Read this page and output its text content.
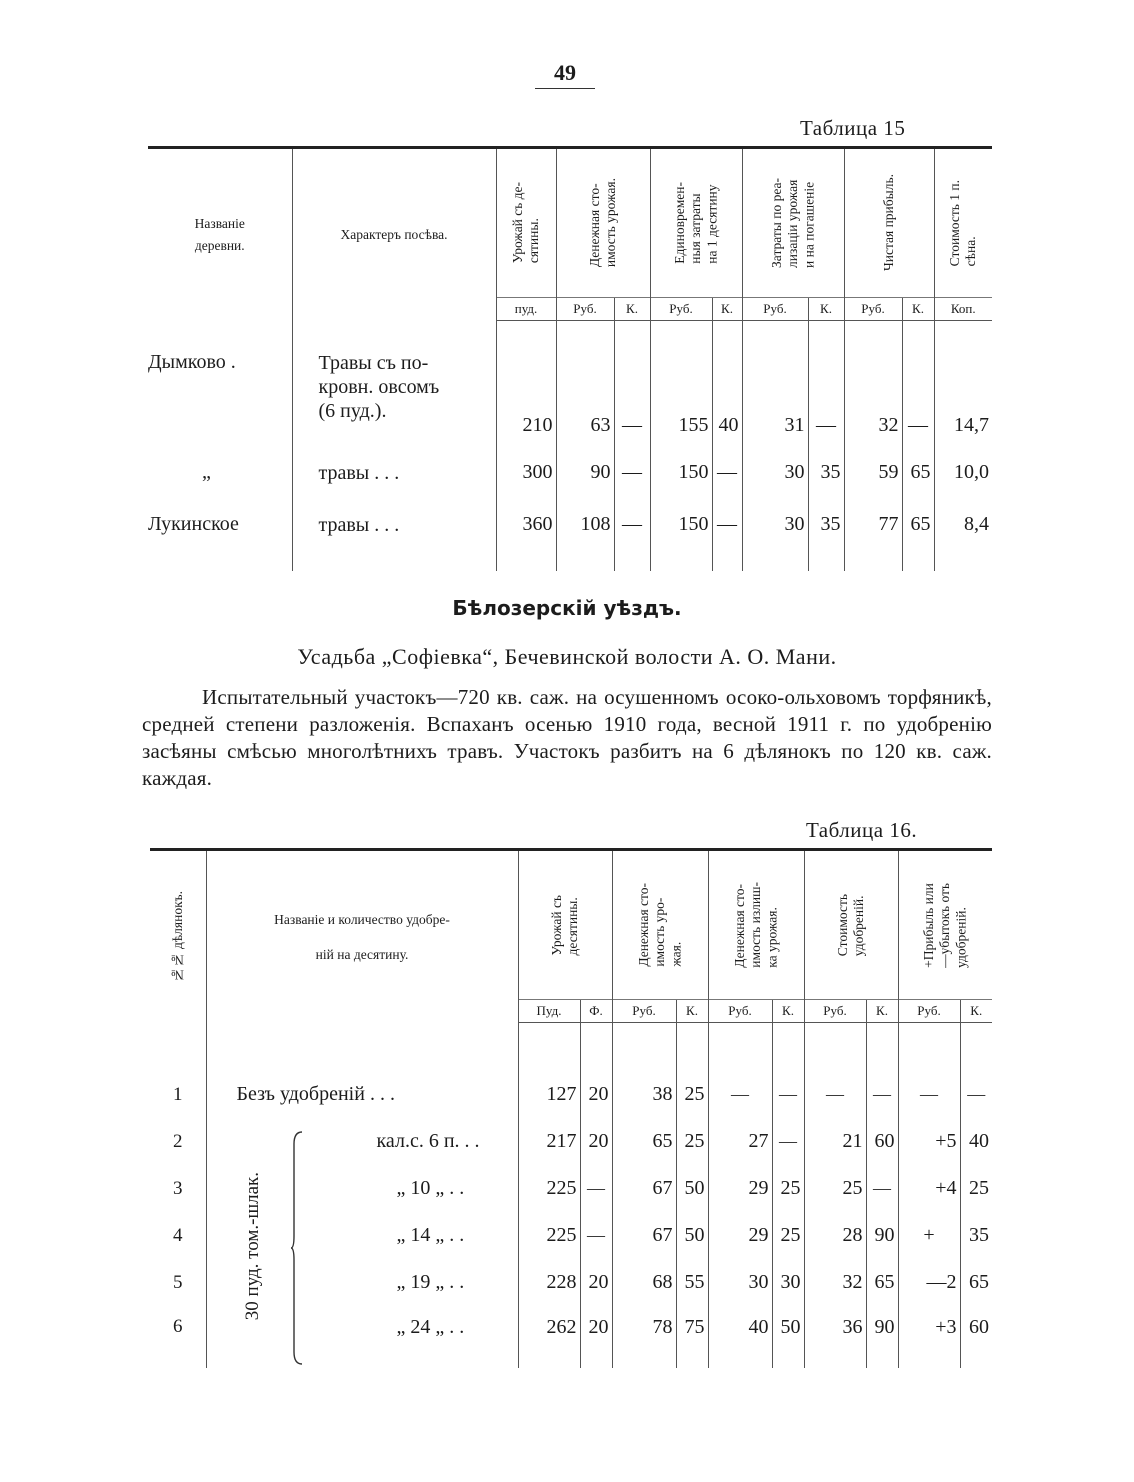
49
Таблица 15
Названіе
деревни.	Характеръ посѣва.	Урожай съ де-
сятины.	Денежная сто-
имость урожая.		Единовремен-
ныя затраты
на 1 десятину		Затраты по реа-
лизаціи урожая
и на погашеніе		Чистая прибыль.		Стоимость 1 п.
сѣна.

		пуд.	Руб.	К.	Руб.	К.	Руб.	К.	Руб.	К.	Коп.
Дымково .	Травы съ по-
кровн. овсомъ
(6 пуд.).	210	63	—	155	40	31	—	32	—	14,7
„	травы . . .	300	90	—	150	—	30	35	59	65	10,0
Лукинское	травы . . .	360	108	—	150	—	30	35	77	65	8,4
Бѣлозерскій уѣздъ.
Усадьба „Софіевка“, Бечевинской волости А. О. Мани.
Испытательный участокъ—720 кв. саж. на осушенномъ осоко-ольховомъ торфяникѣ, средней степени разложенія. Вспаханъ осенью 1910 года, весной 1911 г. по удобренію засѣяны смѣсью многолѣтнихъ травъ. Участокъ разбитъ на 6 дѣлянокъ по 120 кв. саж. каждая.
Таблица 16.
№№ дѣлянокъ.	Названіе и количество удобре-
ній на десятину.	Урожай съ
десятины.		Денежная сто-
имость уро-
жая.		Денежная сто-
имость излиш-
ка урожая.		Стоимость
удобреній.		+Прибыль или
—убытокъ отъ
удобреній.	

		Пуд.	Ф.	Руб.	К.	Руб.	К.	Руб.	К.	Руб.	К.

1	Безъ удобреній . . .	127	20	38	25	—	—	—	—	—	—
2	кал.с. 6 п. . .	217	20	65	25	27	—	21	60	+5	40
3	„ 10 „ . .	225	—	67	50	29	25	25	—	+4	25
4	„ 14 „ . .	225	—	67	50	29	25	28	90	+	35
5	„ 19 „ . .	228	20	68	55	30	30	32	65	—2	65
6	„ 24 „ . .	262	20	78	75	40	50	36	90	+3	60
30 пуд. том.-шлак.
